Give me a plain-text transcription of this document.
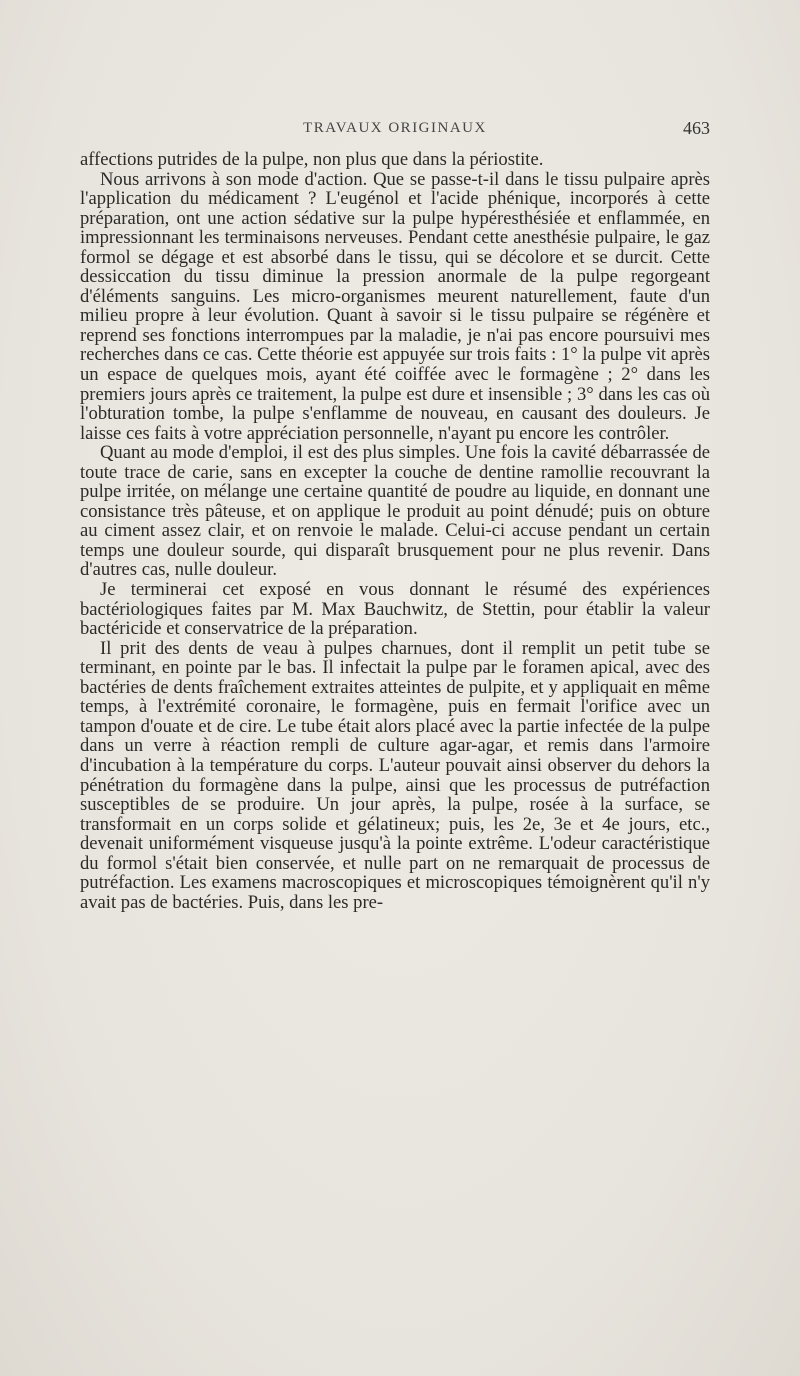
TRAVAUX ORIGINAUX	463

affections putrides de la pulpe, non plus que dans la périostite.

Nous arrivons à son mode d'action. Que se passe-t-il dans le tissu pulpaire après l'application du médicament ? L'eugénol et l'acide phénique, incorporés à cette préparation, ont une action sédative sur la pulpe hypéresthésiée et enflammée, en impressionnant les terminaisons nerveuses. Pendant cette anesthésie pulpaire, le gaz formol se dégage et est absorbé dans le tissu, qui se décolore et se durcit. Cette dessiccation du tissu diminue la pression anormale de la pulpe regorgeant d'éléments sanguins. Les micro-organismes meurent naturellement, faute d'un milieu propre à leur évolution. Quant à savoir si le tissu pulpaire se régénère et reprend ses fonctions interrompues par la maladie, je n'ai pas encore poursuivi mes recherches dans ce cas. Cette théorie est appuyée sur trois faits : 1° la pulpe vit après un espace de quelques mois, ayant été coiffée avec le formagène ; 2° dans les premiers jours après ce traitement, la pulpe est dure et insensible ; 3° dans les cas où l'obturation tombe, la pulpe s'enflamme de nouveau, en causant des douleurs. Je laisse ces faits à votre appréciation personnelle, n'ayant pu encore les contrôler.

Quant au mode d'emploi, il est des plus simples. Une fois la cavité débarrassée de toute trace de carie, sans en excepter la couche de dentine ramollie recouvrant la pulpe irritée, on mélange une certaine quantité de poudre au liquide, en donnant une consistance très pâteuse, et on applique le produit au point dénudé; puis on obture au ciment assez clair, et on renvoie le malade. Celui-ci accuse pendant un certain temps une douleur sourde, qui disparaît brusquement pour ne plus revenir. Dans d'autres cas, nulle douleur.

Je terminerai cet exposé en vous donnant le résumé des expériences bactériologiques faites par M. Max Bauchwitz, de Stettin, pour établir la valeur bactéricide et conservatrice de la préparation.

Il prit des dents de veau à pulpes charnues, dont il remplit un petit tube se terminant, en pointe par le bas. Il infectait la pulpe par le foramen apical, avec des bactéries de dents fraîchement extraites atteintes de pulpite, et y appliquait en même temps, à l'extrémité coronaire, le formagène, puis en fermait l'orifice avec un tampon d'ouate et de cire. Le tube était alors placé avec la partie infectée de la pulpe dans un verre à réaction rempli de culture agar-agar, et remis dans l'armoire d'incubation à la température du corps. L'auteur pouvait ainsi observer du dehors la pénétration du formagène dans la pulpe, ainsi que les processus de putréfaction susceptibles de se produire. Un jour après, la pulpe, rosée à la surface, se transformait en un corps solide et gélatineux; puis, les 2e, 3e et 4e jours, etc., devenait uniformément visqueuse jusqu'à la pointe extrême. L'odeur caractéristique du formol s'était bien conservée, et nulle part on ne remarquait de processus de putréfaction. Les examens macroscopiques et microscopiques témoignèrent qu'il n'y avait pas de bactéries. Puis, dans les pre-
